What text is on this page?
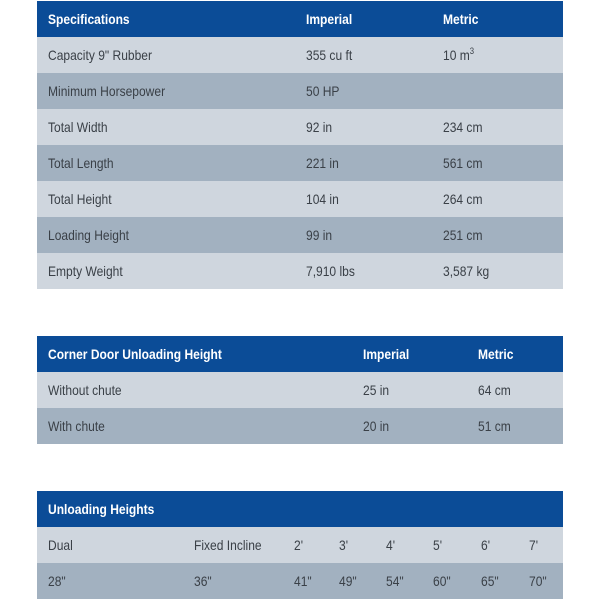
Specifications	Imperial	Metric
Capacity 9" Rubber	355 cu ft	10 $m^3$
Minimum Horsepower	50 HP
Total Width	92 in	234 cm
Total Length	221 in	561 cm
Total Height	104 in	264 cm
Loading Height	99 in	251 cm
Empty Weight	7,910 lbs	3,587 kg
Corner Door Unloading Height	Imperial	Metric
Without chute	25 in	64 cm
With chute	20 in	51 cm
Unloading Heights
Dual	Fixed Incline 2'	3'	4'	5'	6'	7'
28"	36"	41" 49" 54" 60" 65" 70"
